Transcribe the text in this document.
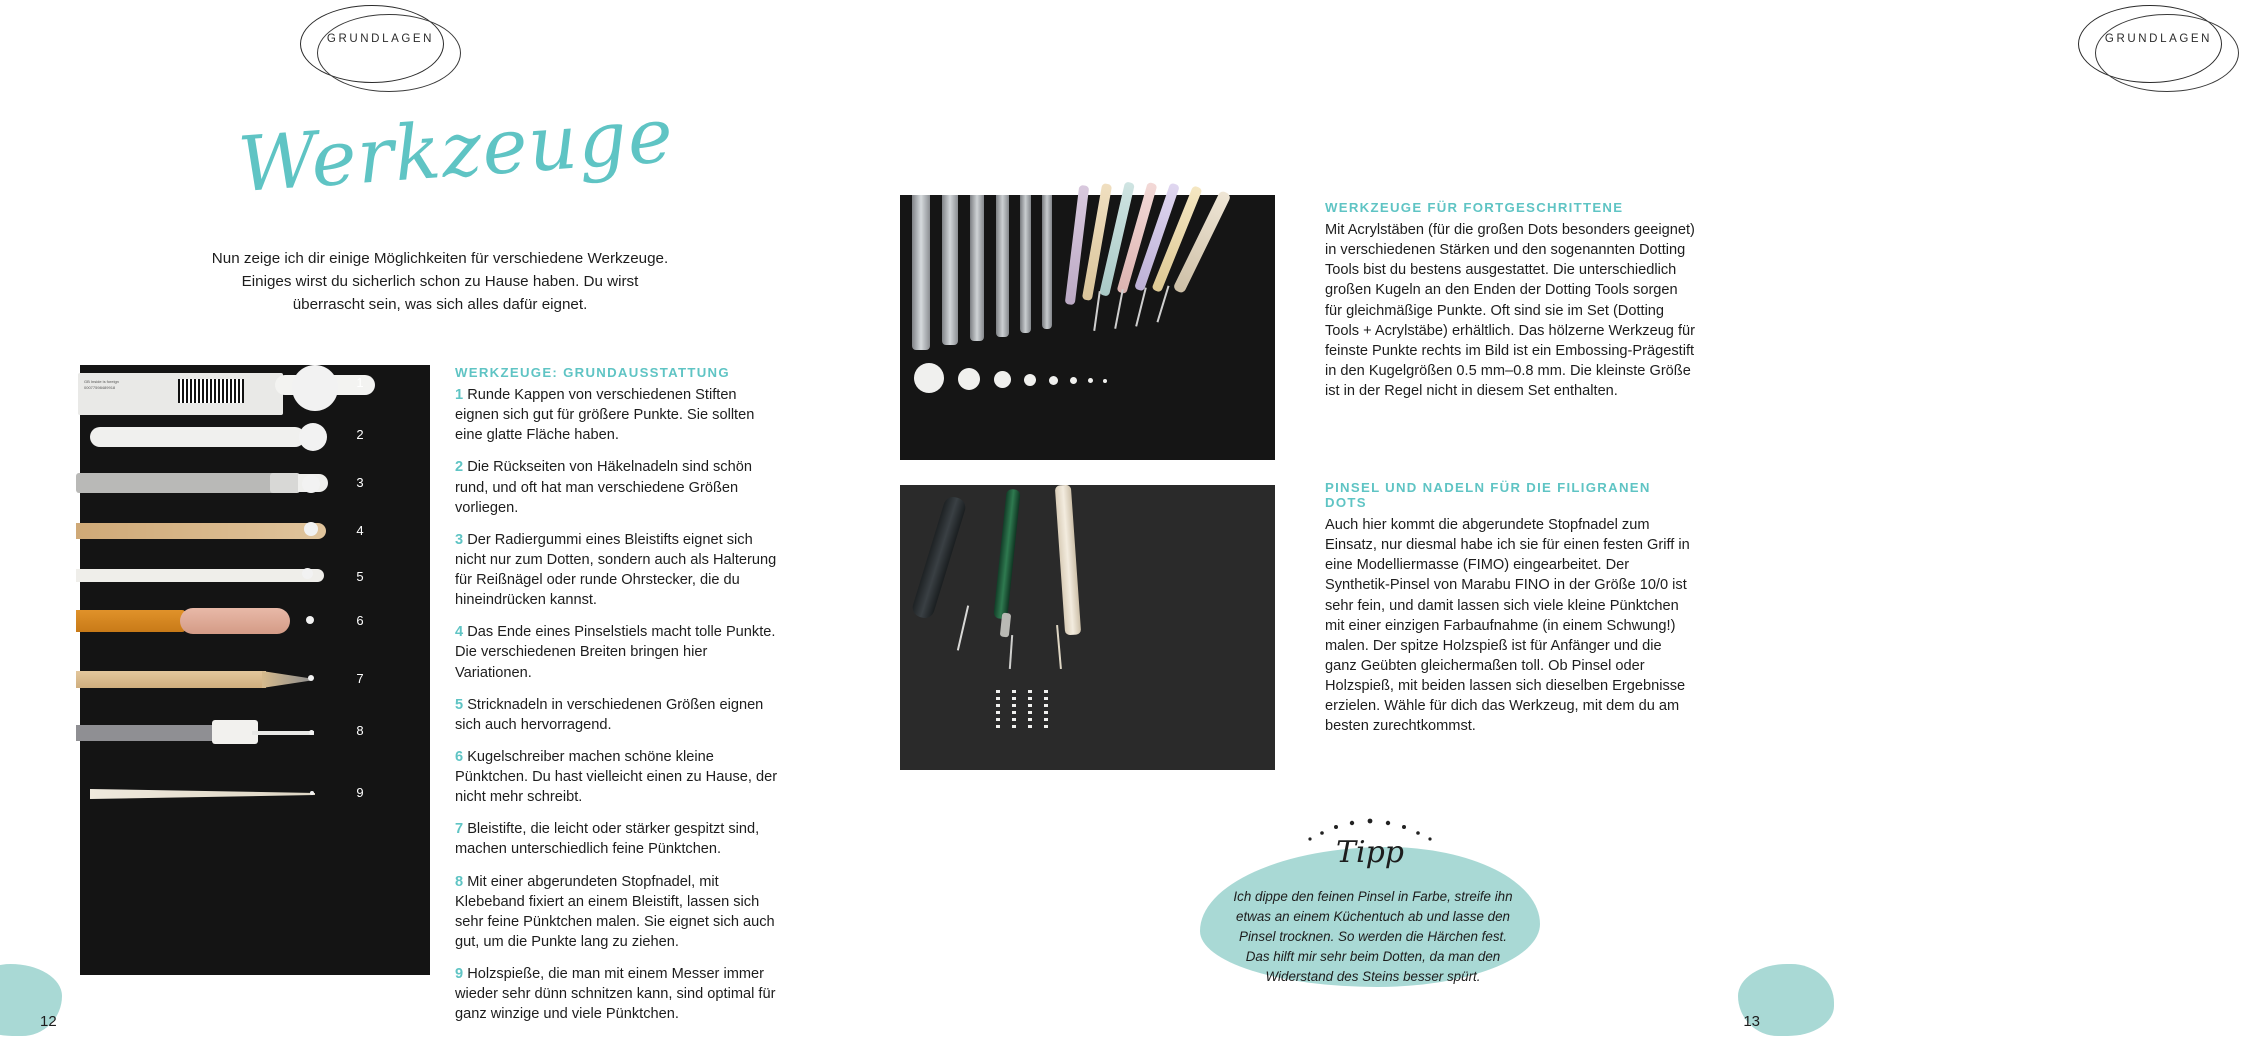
GRUNDLAGEN
Werkzeuge
Nun zeige ich dir einige Möglichkeiten für verschiedene Werkzeuge. Einiges wirst du sicherlich schon zu Hause haben. Du wirst überrascht sein, was sich alles dafür eignet.
GB Inside is foreign
00077598489918	1
2
3
4
5
6
7
8
9
WERKZEUGE: GRUNDAUSSTATTUNG

1 Runde Kappen von verschiedenen Stiften eignen sich gut für größere Punkte. Sie sollten eine glatte Fläche haben.

2 Die Rückseiten von Häkelnadeln sind schön rund, und oft hat man verschiedene Größen vorliegen.

3 Der Radiergummi eines Bleistifts eignet sich nicht nur zum Dotten, sondern auch als Halterung für Reißnägel oder runde Ohrstecker, die du hineindrücken kannst.

4 Das Ende eines Pinselstiels macht tolle Punkte. Die verschiedenen Breiten bringen hier Variationen.

5 Stricknadeln in verschiedenen Größen eignen sich auch hervorragend.

6 Kugelschreiber machen schöne kleine Pünktchen. Du hast vielleicht einen zu Hause, der nicht mehr schreibt.

7 Bleistifte, die leicht oder stärker gespitzt sind, machen unterschiedlich feine Pünktchen.

8 Mit einer abgerundeten Stopfnadel, mit Klebeband fixiert an einem Bleistift, lassen sich sehr feine Pünktchen malen. Sie eignet sich auch gut, um die Punkte lang zu ziehen.

9 Holzspieße, die man mit einem Messer immer wieder sehr dünn schnitzen kann, sind optimal für ganz winzige und viele Pünktchen.

12
GRUNDLAGEN
WERKZEUGE FÜR FORTGESCHRITTENE

Mit Acrylstäben (für die großen Dots besonders geeignet) in verschiedenen Stärken und den sogenannten Dotting Tools bist du bestens ausgestattet. Die unterschiedlich großen Kugeln an den Enden der Dotting Tools sorgen für gleichmäßige Punkte. Oft sind sie im Set (Dotting Tools + Acrylstäbe) erhältlich. Das hölzerne Werkzeug für feinste Punkte rechts im Bild ist ein Embossing-Prägestift in den Kugelgrößen 0.5 mm–0.8 mm. Die kleinste Größe ist in der Regel nicht in diesem Set enthalten.

PINSEL UND NADELN FÜR DIE FILIGRANEN DOTS

Auch hier kommt die abgerundete Stopfnadel zum Einsatz, nur diesmal habe ich sie für einen festen Griff in eine Modelliermasse (FIMO) eingearbeitet. Der Synthetik-Pinsel von Marabu FINO in der Größe 10/0 ist sehr fein, und damit lassen sich viele kleine Pünktchen mit einer einzigen Farbaufnahme (in einem Schwung!) malen. Der spitze Holzspieß ist für Anfänger und die ganz Geübten gleichermaßen toll. Ob Pinsel oder Holzspieß, mit beiden lassen sich dieselben Ergebnisse erzielen. Wähle für dich das Werkzeug, mit dem du am besten zurechtkommst.

Tipp
Ich dippe den feinen Pinsel in Farbe, streife ihn etwas an einem Küchentuch ab und lasse den Pinsel trocknen. So werden die Härchen fest. Das hilft mir sehr beim Dotten, da man den Widerstand des Steins besser spürt.
13
